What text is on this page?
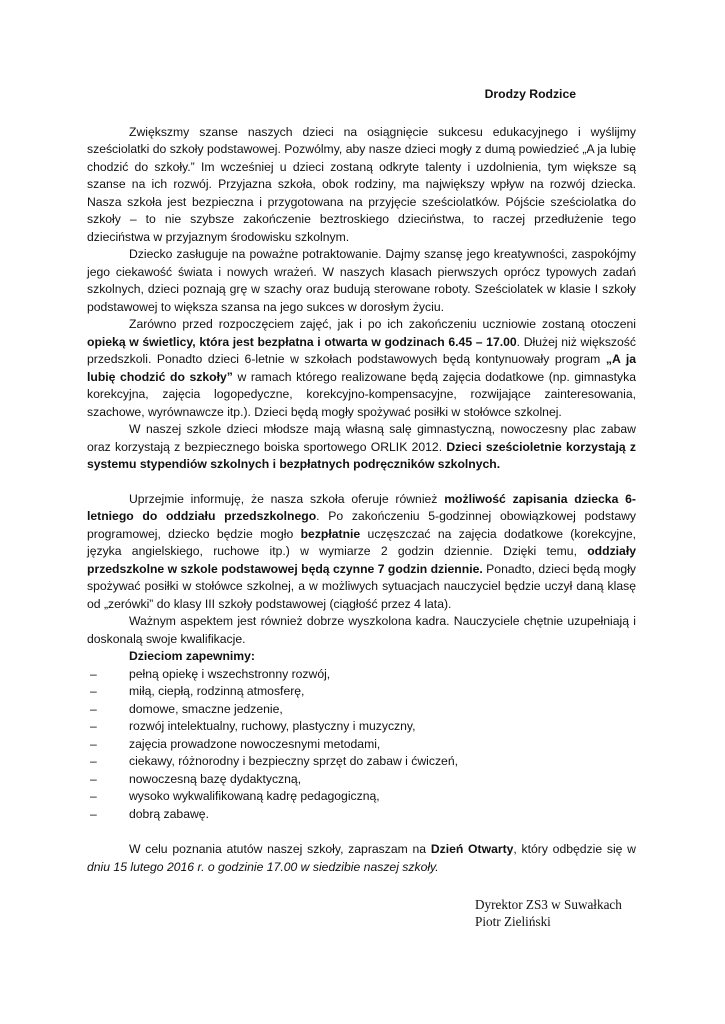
Drodzy Rodzice

Zwiększmy szanse naszych dzieci na osiągnięcie sukcesu edukacyjnego i wyślijmy sześciolatki do szkoły podstawowej. Pozwólmy, aby nasze dzieci mogły z dumą powiedzieć „A ja lubię chodzić do szkoły.” Im wcześniej u dzieci zostaną odkryte talenty i uzdolnienia, tym większe są szanse na ich rozwój. Przyjazna szkoła, obok rodziny, ma największy wpływ na rozwój dziecka. Nasza szkoła jest bezpieczna i przygotowana na przyjęcie sześciolatków. Pójście sześciolatka do szkoły – to nie szybsze zakończenie beztroskiego dzieciństwa, to raczej przedłużenie tego dzieciństwa w przyjaznym środowisku szkolnym.

Dziecko zasługuje na poważne potraktowanie. Dajmy szansę jego kreatywności, zaspokójmy jego ciekawość świata i nowych wrażeń. W naszych klasach pierwszych oprócz typowych zadań szkolnych, dzieci poznają grę w szachy oraz budują sterowane roboty. Sześciolatek w klasie I szkoły podstawowej to większa szansa na jego sukces w dorosłym życiu.

Zarówno przed rozpoczęciem zajęć, jak i po ich zakończeniu uczniowie zostaną otoczeni opieką w świetlicy, która jest bezpłatna i otwarta w godzinach 6.45 – 17.00. Dłużej niż większość przedszkoli. Ponadto dzieci 6-letnie w szkołach podstawowych będą kontynuowały program „A ja lubię chodzić do szkoły” w ramach którego realizowane będą zajęcia dodatkowe (np. gimnastyka korekcyjna, zajęcia logopedyczne, korekcyjno-kompensacyjne, rozwijające zainteresowania, szachowe, wyrównawcze itp.). Dzieci będą mogły spożywać posiłki w stołówce szkolnej.

W naszej szkole dzieci młodsze mają własną salę gimnastyczną, nowoczesny plac zabaw oraz korzystają z bezpiecznego boiska sportowego ORLIK 2012. Dzieci sześcioletnie korzystają z systemu stypendiów szkolnych i bezpłatnych podręczników szkolnych.

Uprzejmie informuję, że nasza szkoła oferuje również możliwość zapisania dziecka 6-letniego do oddziału przedszkolnego. Po zakończeniu 5-godzinnej obowiązkowej podstawy programowej, dziecko będzie mogło bezpłatnie uczęszczać na zajęcia dodatkowe (korekcyjne, języka angielskiego, ruchowe itp.) w wymiarze 2 godzin dziennie. Dzięki temu, oddziały przedszkolne w szkole podstawowej będą czynne 7 godzin dziennie. Ponadto, dzieci będą mogły spożywać posiłki w stołówce szkolnej, a w możliwych sytuacjach nauczyciel będzie uczył daną klasę od „zerówki” do klasy III szkoły podstawowej (ciągłość przez 4 lata).

Ważnym aspektem jest również dobrze wyszkolona kadra. Nauczyciele chętnie uzupełniają i doskonalą swoje kwalifikacje.

Dzieciom zapewnimy:
–	pełną opiekę i wszechstronny rozwój,
–	miłą, ciepłą, rodzinną atmosferę,
–	domowe, smaczne jedzenie,
–	rozwój intelektualny, ruchowy, plastyczny i muzyczny,
–	zajęcia prowadzone nowoczesnymi metodami,
–	ciekawy, różnorodny i bezpieczny sprzęt do zabaw i ćwiczeń,
–	nowoczesną bazę dydaktyczną,
–	wysoko wykwalifikowaną kadrę pedagogiczną,
–	dobrą zabawę.

W celu poznania atutów naszej szkoły, zapraszam na Dzień Otwarty, który odbędzie się w dniu 15 lutego 2016 r. o godzinie 17.00 w siedzibie naszej szkoły.

Dyrektor ZS3 w Suwałkach
Piotr Zieliński
